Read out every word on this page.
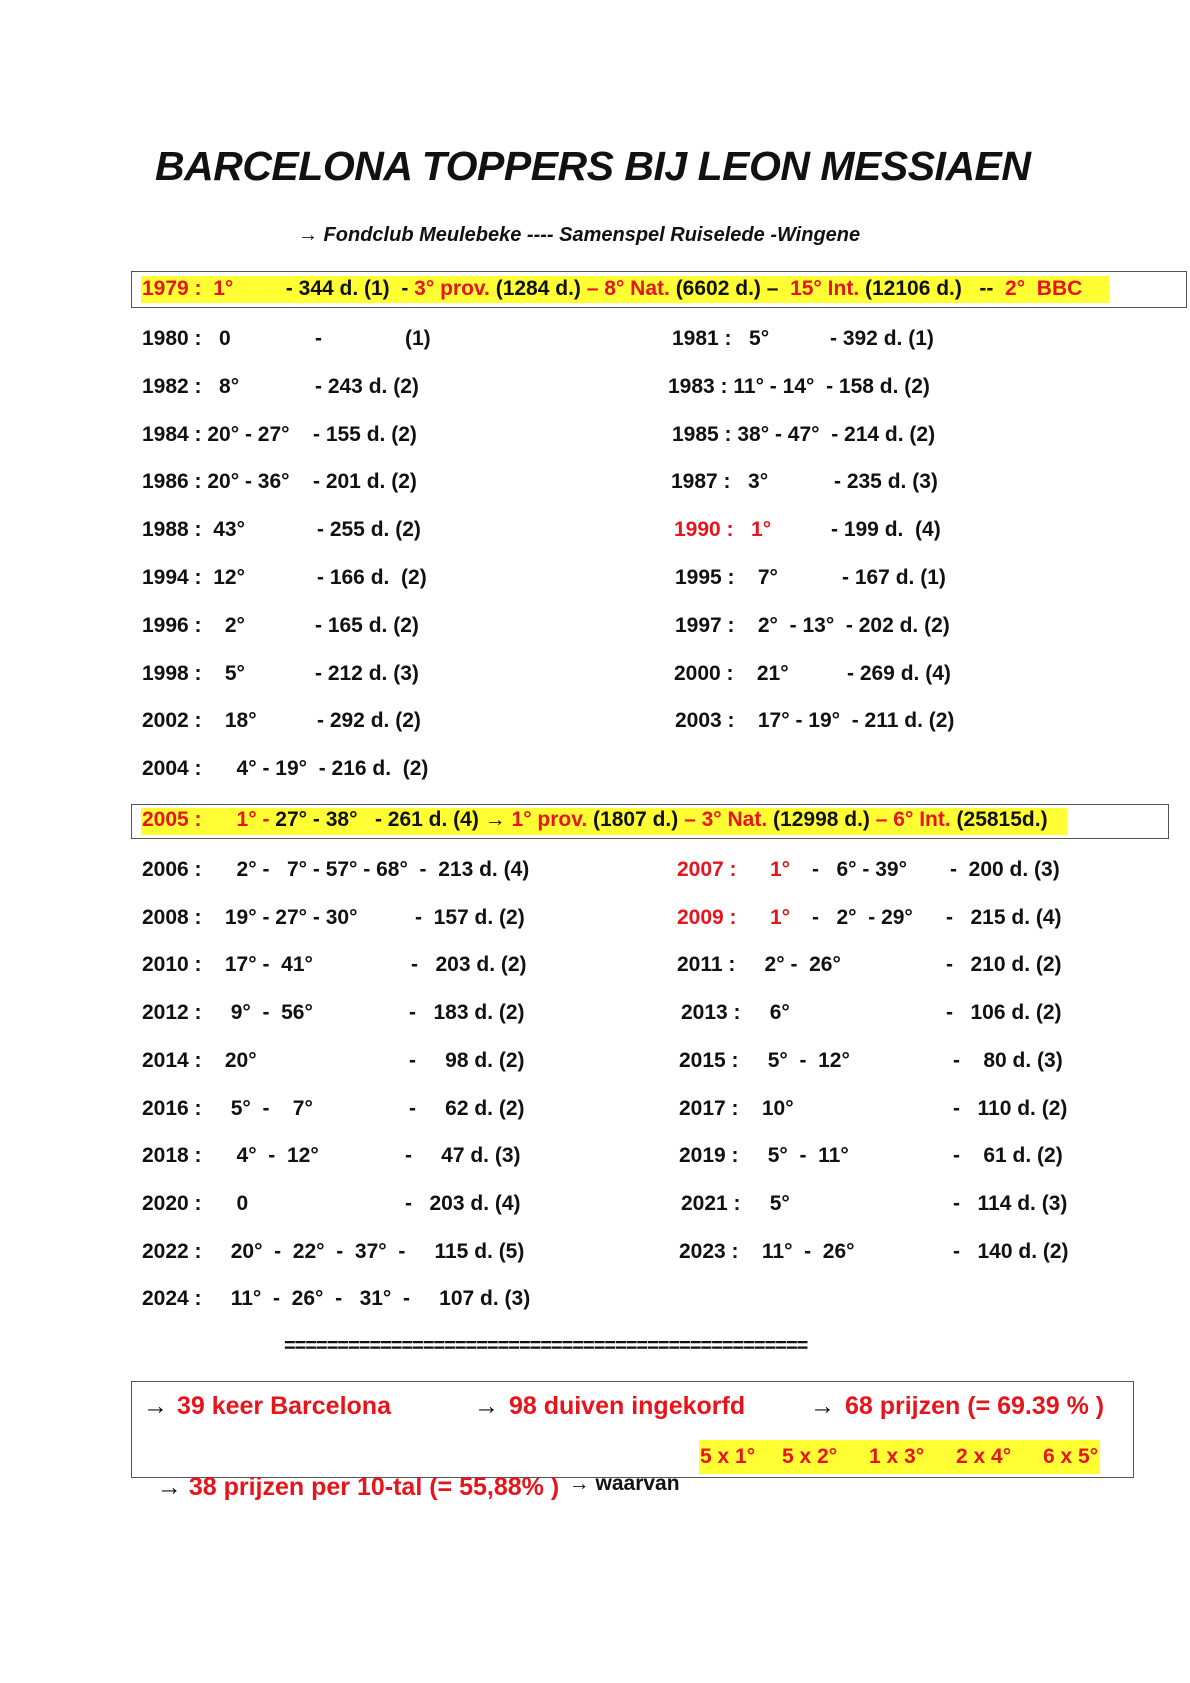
BARCELONA TOPPERS BIJ LEON MESSIAEN
→ Fondclub Meulebeke ---- Samenspel Ruiselede -Wingene
1979 :  1°         - 344 d. (1)  - 3° prov. (1284 d.) – 8° Nat. (6602 d.) –  15° Int. (12106 d.)   --  2°  BBC
1980 :   0	-	(1)	1981 :   5°	- 392 d. (1)
1982 :   8°	- 243 d. (2)	1983 : 11° - 14°  - 158 d. (2)
1984 : 20° - 27° - 155 d. (2)	1985 : 38° - 47°  - 214 d. (2)
1986 : 20° - 36° - 201 d. (2)	1987 :   3°	- 235 d. (3)
1988 :  43°	- 255 d. (2)	1990 :   1°	- 199 d.  (4)
1994 :  12°	- 166 d.  (2)	1995 :    7°	- 167 d. (1)
1996 :    2°	- 165 d. (2)	1997 :    2°  - 13°  - 202 d. (2)
1998 :    5°	- 212 d. (3)	2000 :    21°	- 269 d. (4)
2002 :    18°	- 292 d. (2)	2003 :    17° - 19°  - 211 d. (2)
2004 :      4° - 19°  - 216 d.  (2)
2005 :      1° - 27° - 38°   - 261 d. (4) → 1° prov. (1807 d.) – 3° Nat. (12998 d.) – 6° Int. (25815d.)
2006 :      2° -   7° - 57° - 68°  -  213 d. (4)	2007 : 1° -   6° - 39° -  200 d. (3)
2008 :    19° - 27° - 30°	-  157 d. (2)	2009 : 1° -   2°  - 29° -   215 d. (4)
2010 :    17° -  41°	-   203 d. (2)	2011 :     2° -  26°	-   210 d. (2)
2012 :     9°  -  56°	-   183 d. (2)	2013 :     6°	-   106 d. (2)
2014 :    20°	-     98 d. (2)	2015 :     5°  -  12°	-    80 d. (3)
2016 :     5°  -    7°	-     62 d. (2)	2017 :    10°	-   110 d. (2)
2018 :      4°  -  12°	-     47 d. (3)	2019 :     5°  -  11°	-    61 d. (2)
2020 :      0	-   203 d. (4)	2021 :     5°	-   114 d. (3)
2022 :     20°  -  22°  -  37°  -     115 d. (5)	2023 :    11°  -  26°	-   140 d. (2)
2024 :     11°  -  26°  -   31°  -     107 d. (3)
=================================================
→ 39 keer Barcelona	→ 98 duiven ingekorfd	→ 68 prijzen (= 69.39 % )

→ 38 prijzen per 10-tal (= 55,88% ) → waarvan

5 x 1° 5 x 2° 1 x 3° 2 x 4° 6 x 5°
